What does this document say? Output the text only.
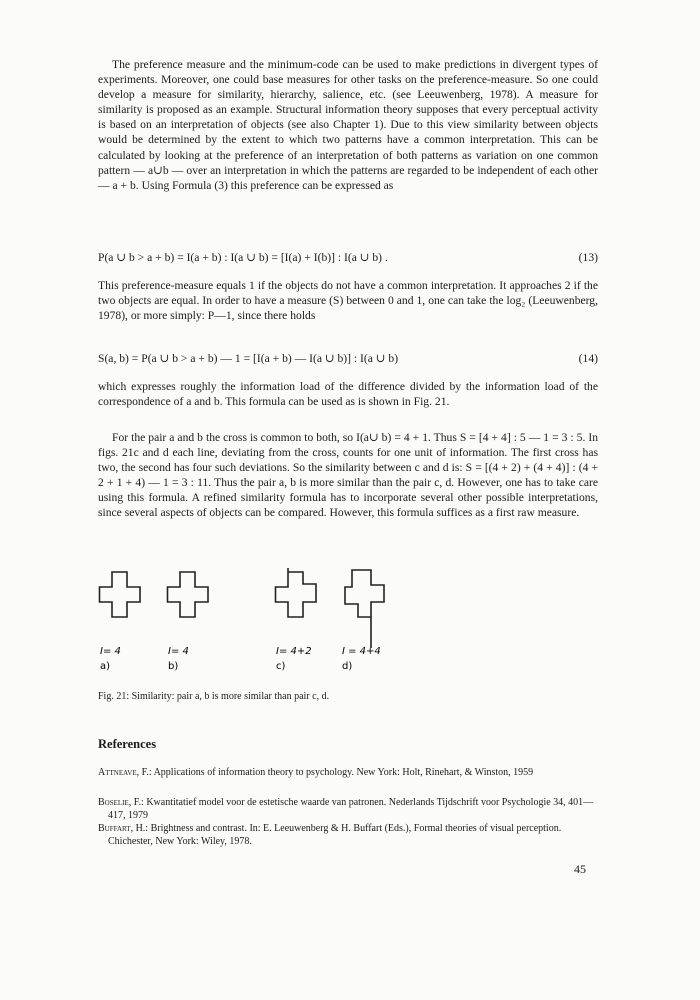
The preference measure and the minimum-code can be used to make predictions in divergent types of experiments. Moreover, one could base measures for other tasks on the preference-measure. So one could develop a measure for similarity, hierarchy, salience, etc. (see Leeuwenberg, 1978). A measure for similarity is proposed as an example. Structural information theory supposes that every perceptual activity is based on an interpretation of objects (see also Chapter 1). Due to this view similarity between objects would be determined by the extent to which two patterns have a common interpretation. This can be calculated by looking at the preference of an interpretation of both patterns as variation on one common pattern — a∪b — over an interpretation in which the patterns are regarded to be independent of each other — a + b. Using Formula (3) this preference can be expressed as

P(a ∪ b > a + b) = I(a + b) : I(a ∪ b) = [I(a) + I(b)] : I(a ∪ b) .	(13)

This preference-measure equals 1 if the objects do not have a common interpretation. It approaches 2 if the two objects are equal. In order to have a measure (S) between 0 and 1, one can take the log₂ (Leeuwenberg, 1978), or more simply: P—1, since there holds

S(a, b) = P(a ∪ b > a + b) — 1 = [I(a + b) — I(a ∪ b)] : I(a ∪ b)	(14)

which expresses roughly the information load of the difference divided by the information load of the correspondence of a and b. This formula can be used as is shown in Fig. 21.

For the pair a and b the cross is common to both, so I(a∪ b) = 4 + 1. Thus S = [4 + 4] : 5 — 1 = 3 : 5. In figs. 21c and d each line, deviating from the cross, counts for one unit of information. The first cross has two, the second has four such deviations. So the similarity between c and d is: S = [(4 + 2) + (4 + 4)] : (4 + 2 + 1 + 4) — 1 = 3 : 11. Thus the pair a, b is more similar than the pair c, d. However, one has to take care using this formula. A refined similarity formula has to incorporate several other possible interpretations, since several aspects of objects can be compared. However, this formula suffices as a first raw measure.

I= 4	I= 4	I= 4+2	I = 4+4
a)	b)	c)	d)
Fig. 21: Similarity: pair a, b is more similar than pair c, d.
References
Attneave, F.: Applications of information theory to psychology. New York: Holt, Rinehart, & Winston, 1959
Boselie, F.: Kwantitatief model voor de estetische waarde van patronen. Nederlands Tijdschrift voor Psychologie 34, 401—417, 1979
Buffart, H.: Brightness and contrast. In: E. Leeuwenberg & H. Buffart (Eds.), Formal theories of visual perception. Chichester, New York: Wiley, 1978.
45
